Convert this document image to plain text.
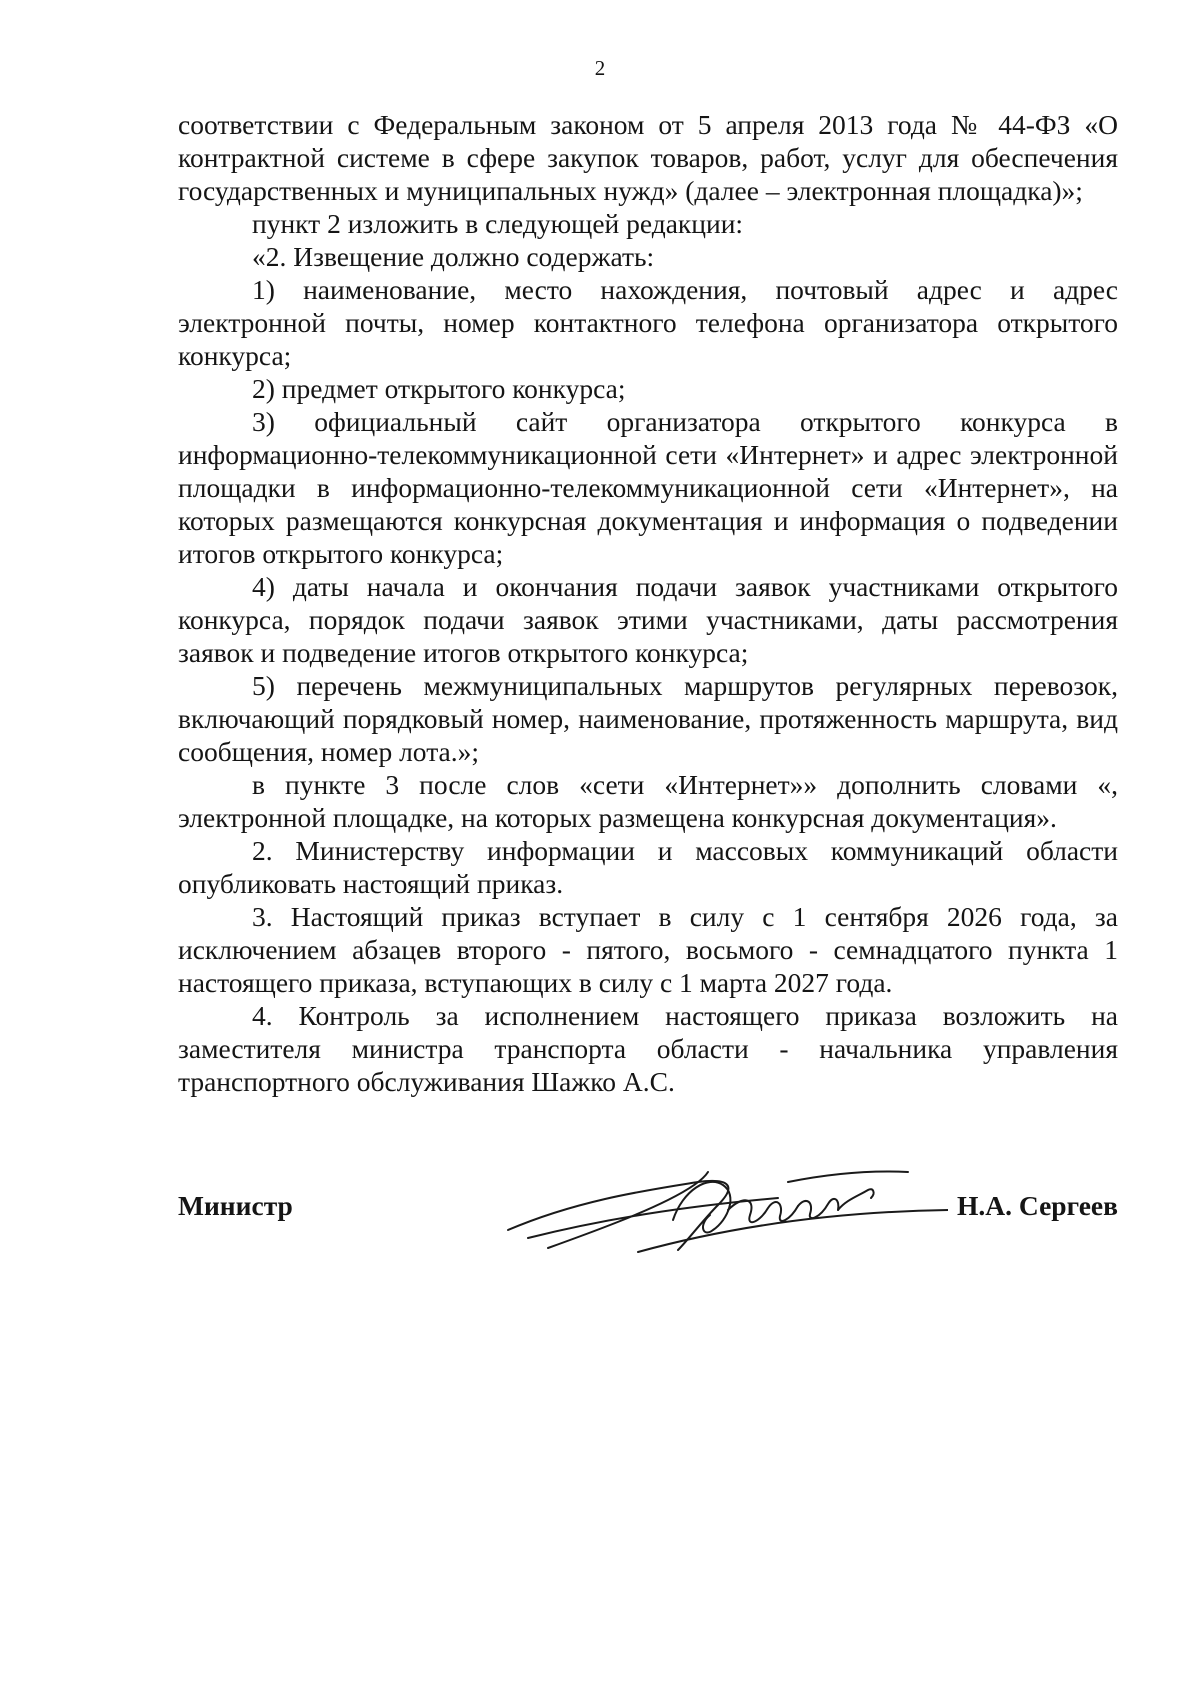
2

соответствии с Федеральным законом от 5 апреля 2013 года № 44-ФЗ «О контрактной системе в сфере закупок товаров, работ, услуг для обеспечения государственных и муниципальных нужд» (далее – электронная площадка)»;

пункт 2 изложить в следующей редакции:

«2. Извещение должно содержать:

1) наименование, место нахождения, почтовый адрес и адрес электронной почты, номер контактного телефона организатора открытого конкурса;

2) предмет открытого конкурса;

3) официальный сайт организатора открытого конкурса в информационно-телекоммуникационной сети «Интернет» и адрес электронной площадки в информационно-телекоммуникационной сети «Интернет», на которых размещаются конкурсная документация и информация о подведении итогов открытого конкурса;

4) даты начала и окончания подачи заявок участниками открытого конкурса, порядок подачи заявок этими участниками, даты рассмотрения заявок и подведение итогов открытого конкурса;

5) перечень межмуниципальных маршрутов регулярных перевозок, включающий порядковый номер, наименование, протяженность маршрута, вид сообщения, номер лота.»;

в пункте 3 после слов «сети «Интернет»» дополнить словами «, электронной площадке, на которых размещена конкурсная документация».

2. Министерству информации и массовых коммуникаций области опубликовать настоящий приказ.

3. Настоящий приказ вступает в силу с 1 сентября 2026 года, за исключением абзацев второго - пятого, восьмого - семнадцатого пункта 1 настоящего приказа, вступающих в силу с 1 марта 2027 года.

4. Контроль за исполнением настоящего приказа возложить на заместителя министра транспорта области - начальника управления транспортного обслуживания Шажко А.С.

Министр	Н.А. Сергеев
